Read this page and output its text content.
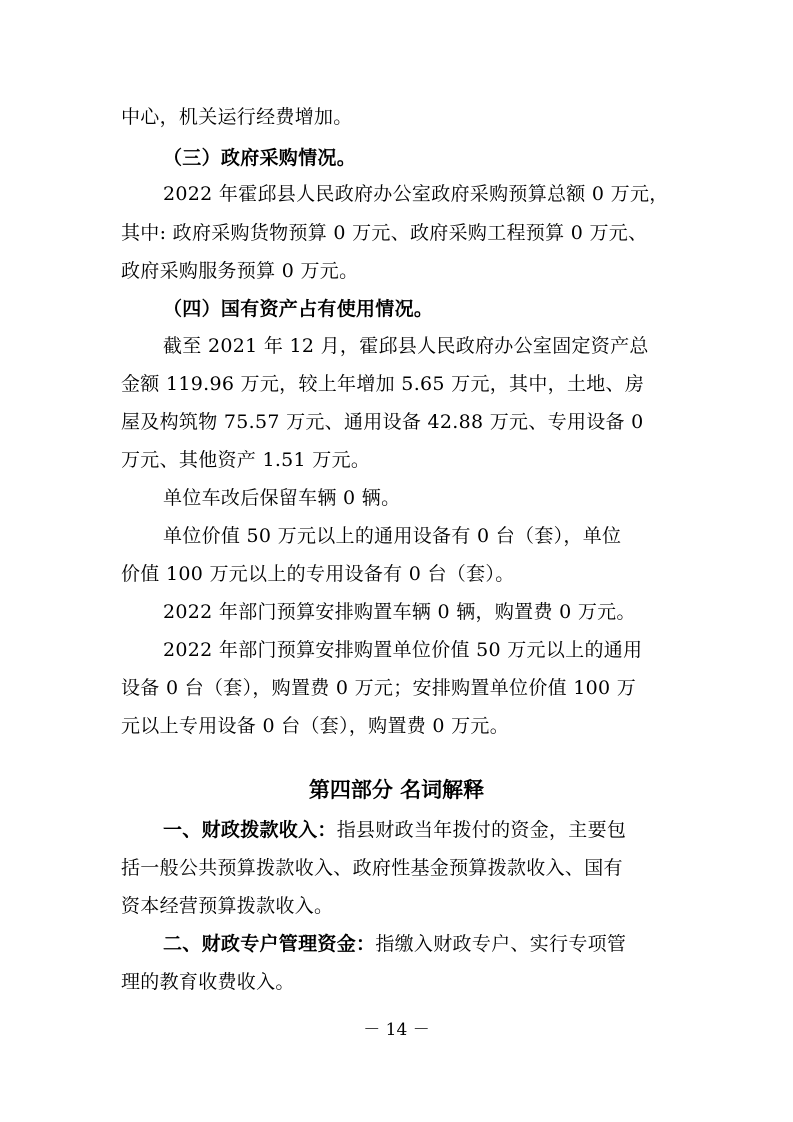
中心，机关运行经费增加。
（三）政府采购情况。
2022 年霍邱县人民政府办公室政府采购预算总额 0 万元，
其中: 政府采购货物预算 0 万元、政府采购工程预算 0 万元、
政府采购服务预算 0 万元。
（四）国有资产占有使用情况。
截至 2021 年 12 月，霍邱县人民政府办公室固定资产总
金额 119.96 万元，较上年增加 5.65 万元，其中，土地、房
屋及构筑物 75.57 万元、通用设备 42.88 万元、专用设备 0
万元、其他资产 1.51 万元。
单位车改后保留车辆 0 辆。
单位价值 50 万元以上的通用设备有 0 台（套），单位
价值 100 万元以上的专用设备有 0 台（套）。
2022 年部门预算安排购置车辆 0 辆，购置费 0 万元。
2022 年部门预算安排购置单位价值 50 万元以上的通用
设备 0 台（套），购置费 0 万元；安排购置单位价值 100 万
元以上专用设备 0 台（套），购置费 0 万元。
第四部分 名词解释
一、财政拨款收入：指县财政当年拨付的资金，主要包
括一般公共预算拨款收入、政府性基金预算拨款收入、国有
资本经营预算拨款收入。
二、财政专户管理资金：指缴入财政专户、实行专项管
理的教育收费收入。
－ 14 －
